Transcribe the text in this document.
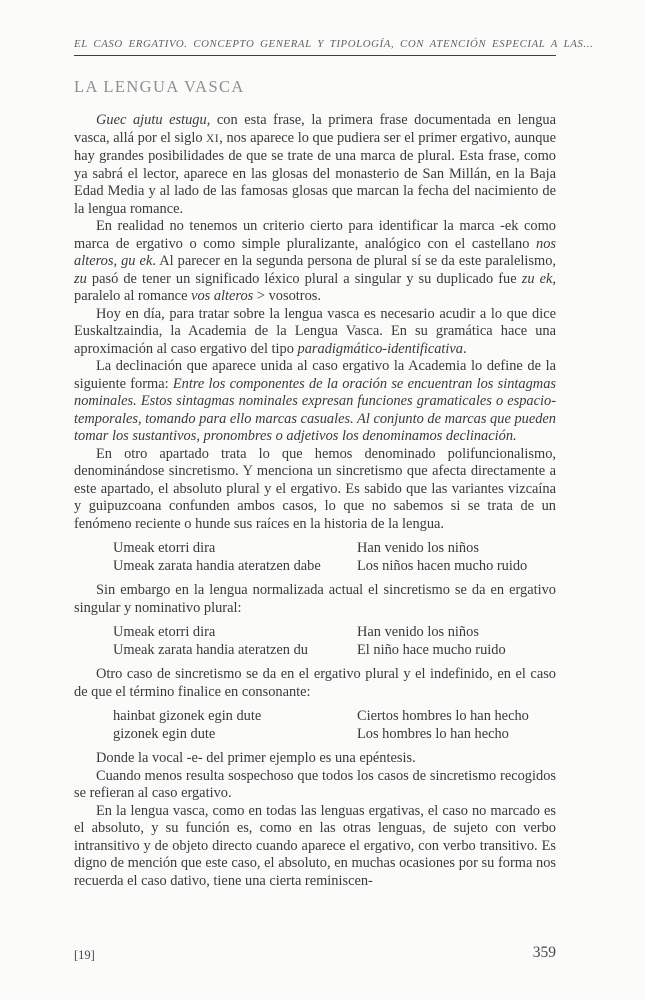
EL CASO ERGATIVO. CONCEPTO GENERAL Y TIPOLOGÍA, CON ATENCIÓN ESPECIAL A LAS...
LA LENGUA VASCA

Guec ajutu estugu, con esta frase, la primera frase documentada en lengua vasca, allá por el siglo XI, nos aparece lo que pudiera ser el primer ergativo, aunque hay grandes posibilidades de que se trate de una marca de plural. Esta frase, como ya sabrá el lector, aparece en las glosas del monasterio de San Millán, en la Baja Edad Media y al lado de las famosas glosas que marcan la fecha del nacimiento de la lengua romance.

En realidad no tenemos un criterio cierto para identificar la marca -ek como marca de ergativo o como simple pluralizante, analógico con el castellano nos alteros, gu ek. Al parecer en la segunda persona de plural sí se da este paralelismo, zu pasó de tener un significado léxico plural a singular y su duplicado fue zu ek, paralelo al romance vos alteros > vosotros.

Hoy en día, para tratar sobre la lengua vasca es necesario acudir a lo que dice Euskaltzaindia, la Academia de la Lengua Vasca. En su gramática hace una aproximación al caso ergativo del tipo paradigmático-identificativa.

La declinación que aparece unida al caso ergativo la Academia lo define de la siguiente forma: Entre los componentes de la oración se encuentran los sintagmas nominales. Estos sintagmas nominales expresan funciones gramaticales o espacio-temporales, tomando para ello marcas casuales. Al conjunto de marcas que pueden tomar los sustantivos, pronombres o adjetivos los denominamos declinación.

En otro apartado trata lo que hemos denominado polifuncionalismo, denominándose sincretismo. Y menciona un sincretismo que afecta directamente a este apartado, el absoluto plural y el ergativo. Es sabido que las variantes vizcaína y guipuzcoana confunden ambos casos, lo que no sabemos si se trata de un fenómeno reciente o hunde sus raíces en la historia de la lengua.

Umeak etorri dira	Han venido los niños
Umeak zarata handia ateratzen dabe	Los niños hacen mucho ruido

Sin embargo en la lengua normalizada actual el sincretismo se da en ergativo singular y nominativo plural:

Umeak etorri dira	Han venido los niños
Umeak zarata handia ateratzen du	El niño hace mucho ruido

Otro caso de sincretismo se da en el ergativo plural y el indefinido, en el caso de que el término finalice en consonante:

hainbat gizonek egin dute	Ciertos hombres lo han hecho
gizonek egin dute	Los hombres lo han hecho

Donde la vocal -e- del primer ejemplo es una epéntesis.

Cuando menos resulta sospechoso que todos los casos de sincretismo recogidos se refieran al caso ergativo.

En la lengua vasca, como en todas las lenguas ergativas, el caso no marcado es el absoluto, y su función es, como en las otras lenguas, de sujeto con verbo intransitivo y de objeto directo cuando aparece el ergativo, con verbo transitivo. Es digno de mención que este caso, el absoluto, en muchas ocasiones por su forma nos recuerda el caso dativo, tiene una cierta reminiscen-

[19]	359
